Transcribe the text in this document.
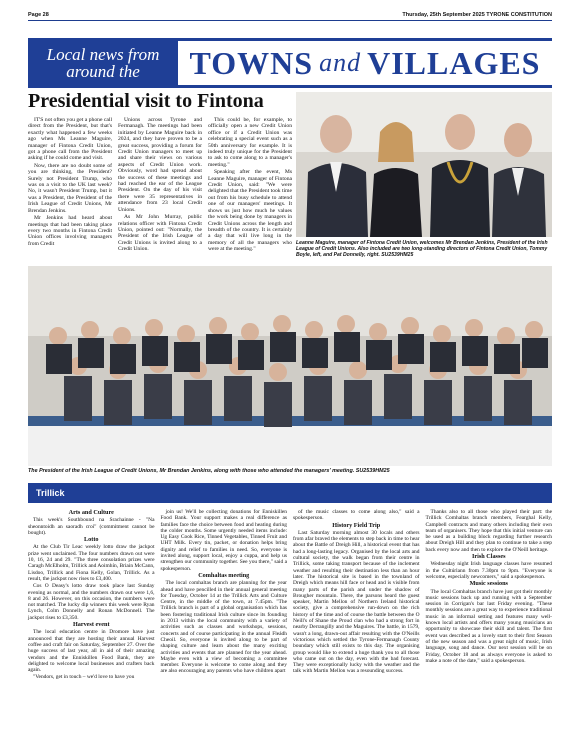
Page 28	Thursday, 25th September 2025 TYRONE CONSTITUTION
Local news from
around the TOWNS and VILLAGES
Presidential visit to Fintona

IT'S not often you get a phone call direct from the President, but that's exactly what happened a few weeks ago when Ms Leanne Maguire, manager of Fintona Credit Union, got a phone call from the President asking if he could come and visit.

Now, there are no doubt some of you are thinking, the President? Surely not President Trump, who was on a visit to the UK last week? No, it wasn't President Trump, but it was a President, the President of the Irish League of Credit Unions, Mr Brendan Jenkins.

Mr Jenkins had heard about meetings that had been taking place every two months in Fintona Credit Union offices involving managers from Credit

Unions across Tyrone and Fermanagh. The meetings had been initiated by Leanne Maguire back in 2024, and they have proven to be a great success, providing a forum for Credit Union managers to meet up and share their views on various aspects of Credit Union work. Obviously, word had spread about the success of these meetings and had reached the ear of the League President. On the day of his visit there were 35 representatives in attendance from 23 local Credit Unions.

As Mr John Murray, public relations officer with Fintona Credit Union, pointed out: "Normally, the President of the Irish League of Credit Unions is invited along to a Credit Union.

This could be, for example, to officially open a new Credit Union office or if a Credit Union was celebrating a special event such as a 50th anniversary for example. It is indeed truly unique for the President to ask to come along to a manager's meeting."

Speaking after the event, Ms Leanne Maguire, manager of Fintona Credit Union, said: "We were delighted that the President took time out from his busy schedule to attend one of our managers' meetings. It shows us just how much he values the work being done by managers in Credit Unions across the length and breadth of the country. It is certainly a day that will live long in the memory of all the managers who were at the meeting."

Leanne Maguire, manager of Fintona Credit Union, welcomes Mr Brendan Jenkins, President of the Irish League of Credit Unions. Also included are two long-standing directors of Fintona Credit Union, Tommy Boyle, left, and Pat Donnelly, right. SU2539HM25
The President of the Irish League of Credit Unions, Mr Brendan Jenkins, along with those who attended the managers' meeting. SU2539HM25
Trillick
Arts and Culture

This week's Southbound na Srachainne - "Na sheonntoidh an saoradh croí" (commitment cannot be bought).

Lotto

At the Club Tir Leac weekly lotto draw the jackpot prize went unclaimed. The four numbers drawn out were 10, 16, 24 and 29. "The three consolation prizes were Caragh McElholm, Trillick and Aoimhín, Briain McCann, Lisdoo, Trillick and Fiona Kelly, Golan, Trillick. As a result, the jackpot now rises to £3,400.

Cos O Deasy's lotto draw took place last Sunday evening as normal, and the numbers drawn out were 1,6, 8 and 26. However, on this occasion, the numbers were not matched. The lucky dip winners this week were Ryan Lynch, Colm Donnelly and Ronan McDonnell. The jackpot rises to £3,350.

Harvest event

The local education centre in Dromore have just announced that they are hosting their annual Harvest coffee and craft fair on Saturday, September 27. Over the huge success of last year, all in aid of their amazing vendors and the Enniskillen Food Bank, they are delighted to welcome local businesses and crafters back again.

"Vendors, get in touch – we'd love to have you

join us! We'll be collecting donations for Enniskillen Food Bank. Your support makes a real difference as families face the choice between food and heating during the colder months. Some urgently needed items include: Ug Easy Cook Rice, Tinned Vegetables, Tinned Fruit and UHT Milk. Every tin, packet, or donation helps bring dignity and relief to families in need. So, everyone is invited along, support local, enjoy a cuppa, and help us strengthen our community together. See you there," said a spokesperson.

Comhaltas meeting

The local comhaltas branch are planning for the year ahead and have pencilled in their annual general meeting for Tuesday, October 14 at the Trillick Arts and Culture Centre, in the middle of the town, at 7.45pm. "The Trillick branch is part of a global organisation which has been fostering traditional Irish culture since its founding in 2013 within the local community with a variety of activities such as classes and workshops, sessions, concerts and of course participating in the annual Fleádh Cheoil. So, everyone is invited along to be part of shaping culture and learn about the many exciting activities and events that are planned for the year ahead. Maybe even with a view of becoming a committee member. Everyone is welcome to come along and they are also encouraging any parents who have children apart

of the music classes to come along also," said a spokesperson.

History Field Trip

Last Saturday morning almost 30 locals and others from afar braved the elements to step back in time to hear about the Battle of Dreigh Hill, a historical event that has had a long-lasting legacy. Organised by the local arts and cultural society, the walk began from their centre in Trillick, some taking transport because of the inclement weather and resulting their destination less than an hour later. The historical site is based in the townland of Dreigh which means hill face or head and is visible from many parts of the parish and under the shadow of Brougher mountain. There, the parsons heard the guest speaker, Martin Mellon of Northern Ireland historical society, give a comprehensive run-down on the rich history of the time and of course the battle between the O Neill's of Shane the Proud clan who had a strong fort in nearby Derrangilly and the Maguires. The battle, in 1579, wasn't a long, drawn-out affair resulting with the O'Neills victorious which settled the Tyrone-Fermanagh County boundary which still exists to this day. The organising group would like to extend a huge thank you to all those who came out on the day, even with the bad forecast. They were exceptionally lucky with the weather and the talk with Martin Mellon was a resounding success.

Thanks also to all those who played their part: the Trillick Comhaltas branch members, Fearghal Kelly, Campbell contracts and many others including their own team of organisers. They hope that this initial venture can be used as a building block regarding further research about Dreigh Hill and they plan to continue to take a step back every now and then to explore the O'Neill heritage.

Irish Classes

Wednesday night Irish language classes have resumed in the Cultúrlann from 7.30pm to 9pm. "Everyone is welcome, especially newcomers," said a spokesperson.

Music sessions

The local Comhaltas branch have just got their monthly music sessions back up and running with a September session in Corrigan's bar last Friday evening. "These monthly sessions are a great way to experience traditional music in an informal setting and features many well-known local artists and offers many young musicians an opportunity to showcase their skill and talent. The first event was described as a lovely start to their first Season of the new season and was a great night of music, Irish language, song and dance. Our next session will be on Friday, October 18 and as always everyone is asked to make a note of the date," said a spokesperson.
